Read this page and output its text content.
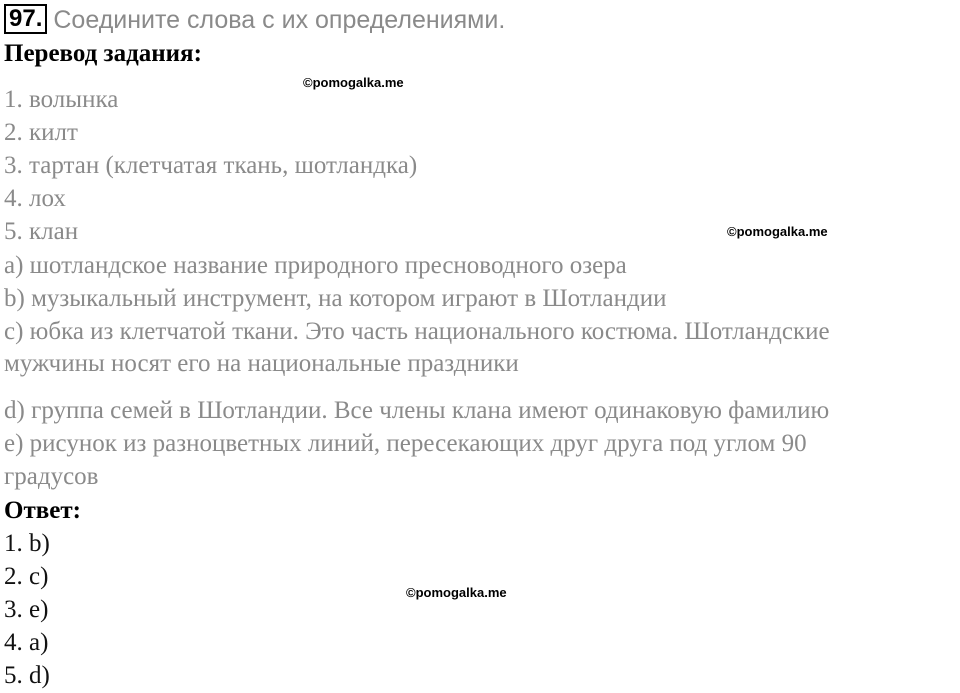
97. Соедините слова с их определениями.
Перевод задания:
1. волынка
2. килт
3. тартан (клетчатая ткань, шотландка)
4. лох
5. клан
a) шотландское название природного пресноводного озера
b) музыкальный инструмент, на котором играют в Шотландии
c) юбка из клетчатой ткани. Это часть национального костюма. Шотландские
мужчины носят его на национальные праздники
d) группа семей в Шотландии. Все члены клана имеют одинаковую фамилию
e) рисунок из разноцветных линий, пересекающих друг друга под углом 90
градусов
Ответ:
1. b)
2. c)
3. e)
4. a)
5. d)
©pomogalka.me
©pomogalka.me
©pomogalka.me
